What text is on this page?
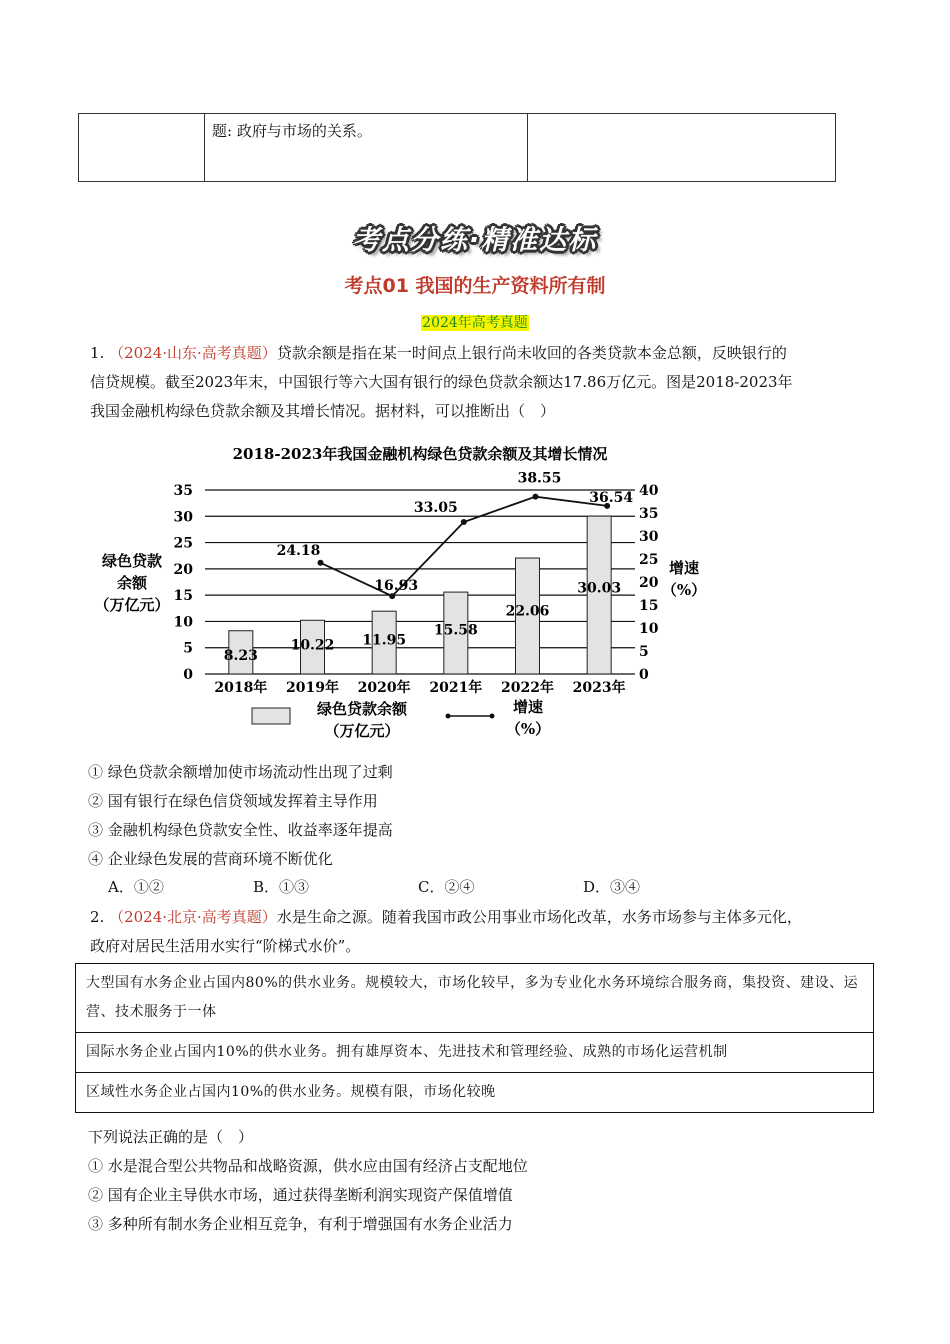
题: 政府与市场的关系。
考点分练·精准达标
考点01 我国的生产资料所有制
2024年高考真题
1. （2024·山东·高考真题）贷款余额是指在某一时间点上银行尚未收回的各类贷款本金总额，反映银行的
信贷规模。截至2023年末，中国银行等六大国有银行的绿色贷款余额达17.86万亿元。图是2018-2023年
我国金融机构绿色贷款余额及其增长情况。据材料，可以推断出（　）
2018-2023年我国金融机构绿色贷款余额及其增长情况
8.23
10.22 11.95
15.58
22.06
30.03
24.18
16.93
33.05
38.55
36.54
0
5
10
15
20
25
30
35
0
5
10
15
20
25
30
35
40
2018年 2019年 2020年 2021年 2022年 2023年
绿色贷款
余额
（万亿元）
增速
（%）
绿色贷款余额
（万亿元）
增速
（%）
① 绿色贷款余额增加使市场流动性出现了过剩
② 国有银行在绿色信贷领域发挥着主导作用
③ 金融机构绿色贷款安全性、收益率逐年提高
④ 企业绿色发展的营商环境不断优化
A．①②	B．①③	C．②④	D．③④
2. （2024·北京·高考真题）水是生命之源。随着我国市政公用事业市场化改革，水务市场参与主体多元化，
政府对居民生活用水实行“阶梯式水价”。
大型国有水务企业占国内80%的供水业务。规模较大，市场化较早，多为专业化水务环境综合服务商，集投资、建设、运营、技术服务于一体
国际水务企业占国内10%的供水业务。拥有雄厚资本、先进技术和管理经验、成熟的市场化运营机制
区域性水务企业占国内10%的供水业务。规模有限，市场化较晚
下列说法正确的是（　）
① 水是混合型公共物品和战略资源，供水应由国有经济占支配地位
② 国有企业主导供水市场，通过获得垄断利润实现资产保值增值
③ 多种所有制水务企业相互竞争，有利于增强国有水务企业活力
